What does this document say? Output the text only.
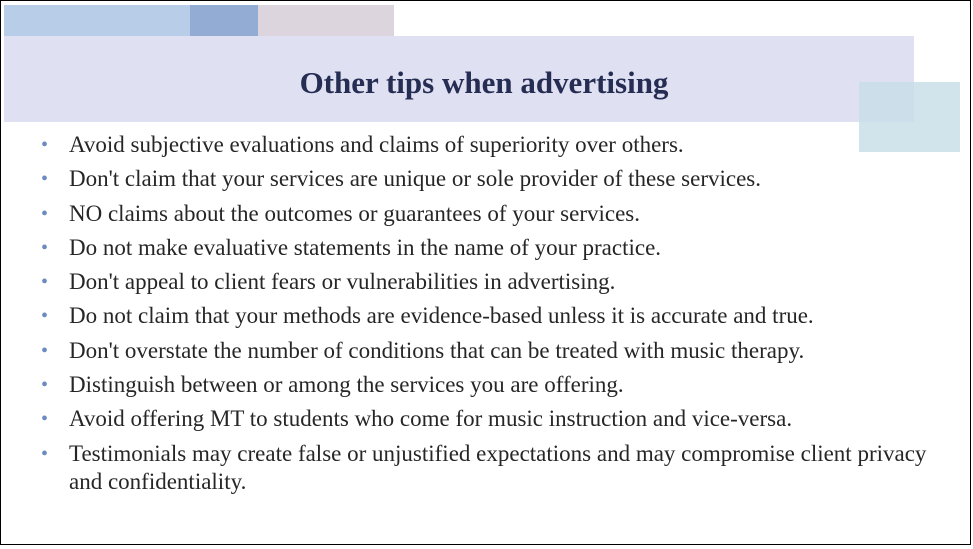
Other tips when advertising
• Avoid subjective evaluations and claims of superiority over others.
• Don't claim that your services are unique or sole provider of these services.
• NO claims about the outcomes or guarantees of your services.
• Do not make evaluative statements in the name of your practice.
• Don't appeal to client fears or vulnerabilities in advertising.
• Do not claim that your methods are evidence-based unless it is accurate and true.
• Don't overstate the number of conditions that can be treated with music therapy.
• Distinguish between or among the services you are offering.
• Avoid offering MT to students who come for music instruction and vice-versa.
• Testimonials may create false or unjustified expectations and may compromise client privacy and confidentiality.
